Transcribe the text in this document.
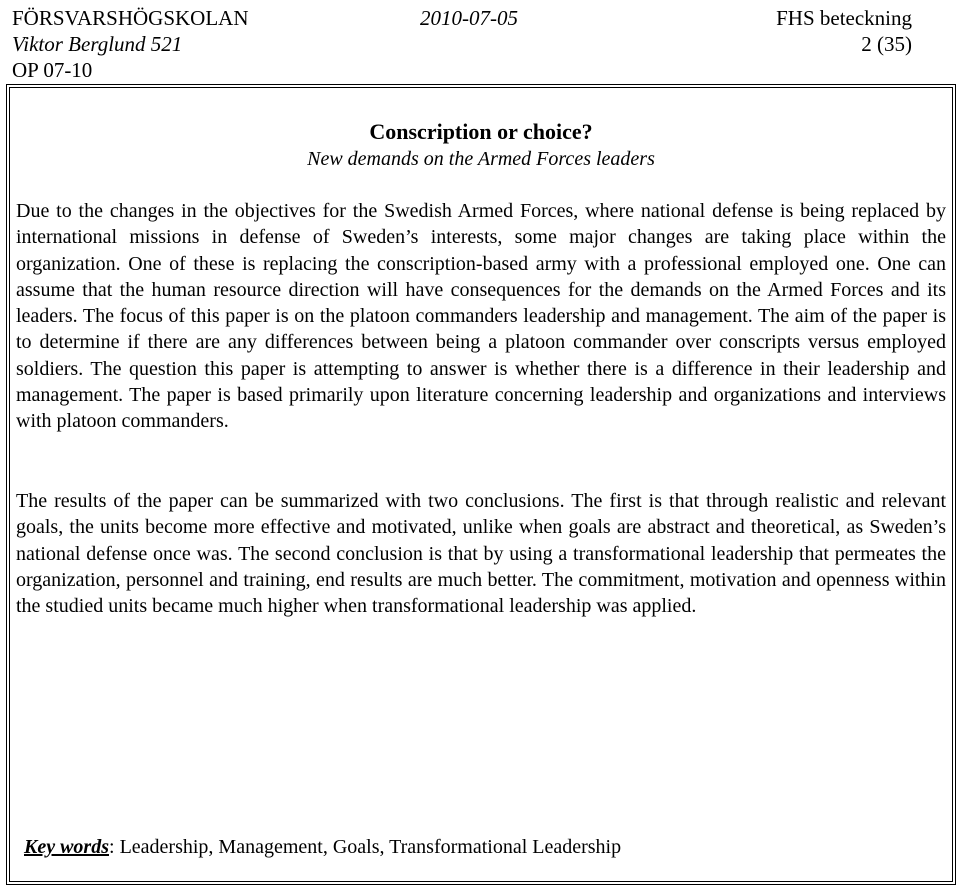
FÖRSVARSHÖGSKOLAN	2010-07-05	FHS beteckning
Viktor Berglund 521	2 (35)
OP 07-10
Conscription or choice?
New demands on the Armed Forces leaders

Due to the changes in the objectives for the Swedish Armed Forces, where national defense is being replaced by international missions in defense of Sweden’s interests, some major changes are taking place within the organization. One of these is replacing the conscription-based army with a professional employed one. One can assume that the human resource direction will have consequences for the demands on the Armed Forces and its leaders. The focus of this paper is on the platoon commanders leadership and management. The aim of the paper is to determine if there are any differences between being a platoon commander over conscripts versus employed soldiers. The question this paper is attempting to answer is whether there is a difference in their leadership and management. The paper is based primarily upon literature concerning leadership and organizations and interviews with platoon commanders.

The results of the paper can be summarized with two conclusions. The first is that through realistic and relevant goals, the units become more effective and motivated, unlike when goals are abstract and theoretical, as Sweden’s national defense once was. The second conclusion is that by using a transformational leadership that permeates the organization, personnel and training, end results are much better. The commitment, motivation and openness within the studied units became much higher when transformational leadership was applied.

Key words: Leadership, Management, Goals, Transformational Leadership
